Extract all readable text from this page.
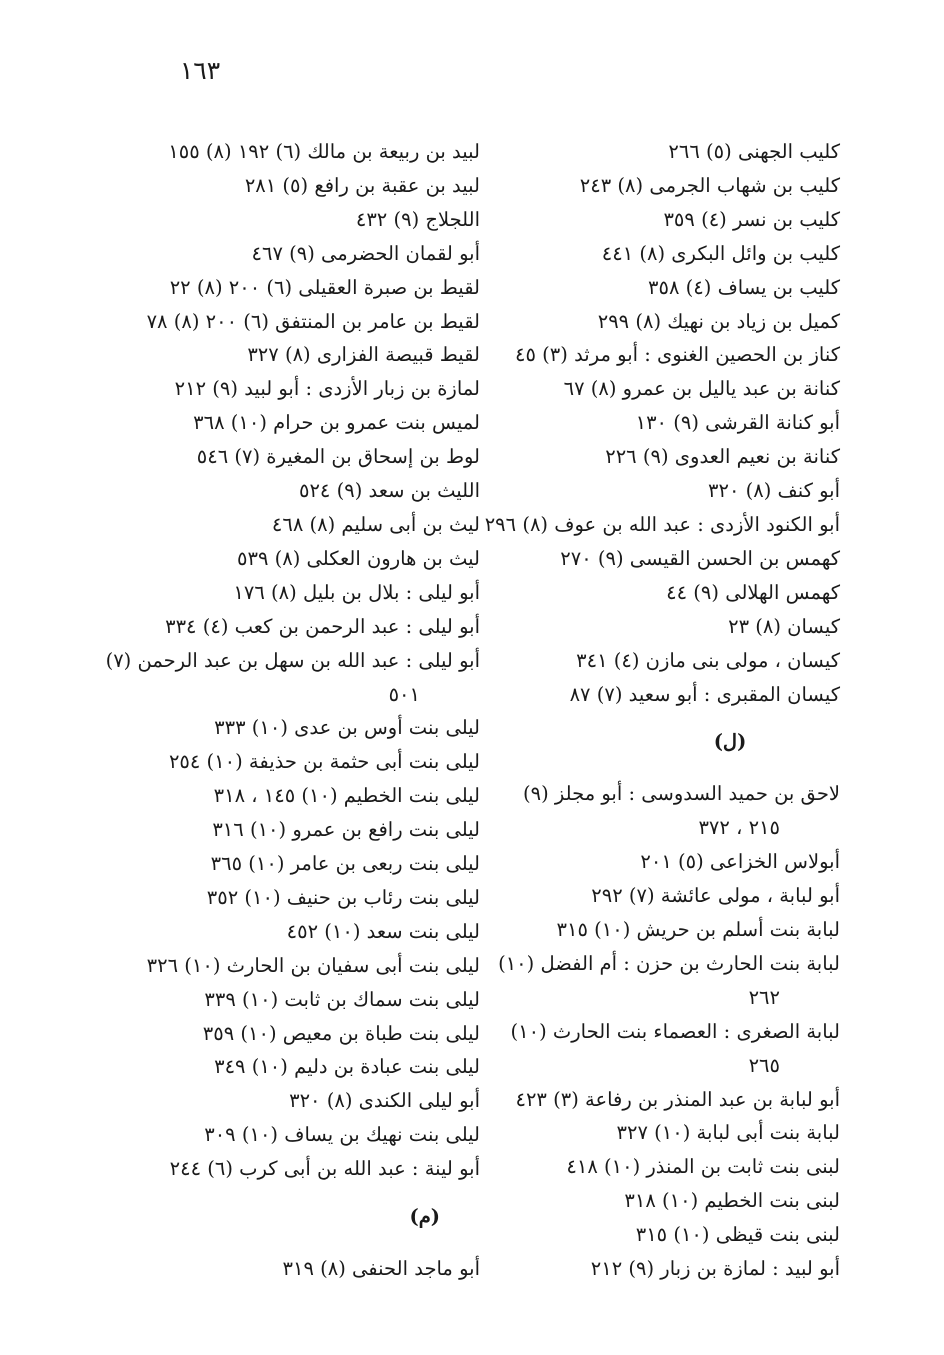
١٦٣
كليب الجهنى (٥) ٢٦٦
كليب بن شهاب الجرمى (٨) ٢٤٣
كليب بن نسر (٤) ٣٥٩
كليب بن وائل البكرى (٨) ٤٤١
كليب بن يساف (٤) ٣٥٨
كميل بن زياد بن نهيك (٨) ٢٩٩
كناز بن الحصين الغنوى : أبو مرثد (٣) ٤٥
كنانة بن عبد ياليل بن عمرو (٨) ٦٧
أبو كنانة القرشى (٩) ١٣٠
كنانة بن نعيم العدوى (٩) ٢٢٦
أبو كنف (٨) ٣٢٠
أبو الكنود الأزدى : عبد الله بن عوف (٨) ٢٩٦
كهمس بن الحسن القيسى (٩) ٢٧٠
كهمس الهلالى (٩) ٤٤
كيسان (٨) ٢٣
كيسان ، مولى بنى مازن (٤) ٣٤١
كيسان المقبرى : أبو سعيد (٧) ٨٧
(ل)
لاحق بن حميد السدوسى : أبو مجلز (٩)
٢١٥ ، ٣٧٢
أبولاس الخزاعى (٥) ٢٠١
أبو لبابة ، مولى عائشة (٧) ٢٩٢
لبابة بنت أسلم بن حريش (١٠) ٣١٥
لبابة بنت الحارث بن حزن : أم الفضل (١٠)
٢٦٢
لبابة الصغرى : العصماء بنت الحارث (١٠)
٢٦٥
أبو لبابة بن عبد المنذر بن رفاعة (٣) ٤٢٣
لبابة بنت أبى لبابة (١٠) ٣٢٧
لبنى بنت ثابت بن المنذر (١٠) ٤١٨
لبنى بنت الخطيم (١٠) ٣١٨
لبنى بنت قيظى (١٠) ٣١٥
أبو لبيد : لمازة بن زبار (٩) ٢١٢
لبيد بن ربيعة بن مالك (٦) ١٩٢ (٨) ١٥٥
لبيد بن عقبة بن رافع (٥) ٢٨١
اللجلاج (٩) ٤٣٢
أبو لقمان الحضرمى (٩) ٤٦٧
لقيط بن صبرة العقيلى (٦) ٢٠٠ (٨) ٢٢
لقيط بن عامر بن المنتفق (٦) ٢٠٠ (٨) ٧٨
لقيط قبيصة الفزارى (٨) ٣٢٧
لمازة بن زبار الأزدى : أبو لبيد (٩) ٢١٢
لميس بنت عمرو بن حرام (١٠) ٣٦٨
لوط بن إسحاق بن المغيرة (٧) ٥٤٦
الليث بن سعد (٩) ٥٢٤
ليث بن أبى سليم (٨) ٤٦٨
ليث بن هارون العكلى (٨) ٥٣٩
أبو ليلى : بلال بن بليل (٨) ١٧٦
أبو ليلى : عبد الرحمن بن كعب (٤) ٣٣٤
أبو ليلى : عبد الله بن سهل بن عبد الرحمن (٧)
٥٠١
ليلى بنت أوس بن عدى (١٠) ٣٣٣
ليلى بنت أبى حثمة بن حذيفة (١٠) ٢٥٤
ليلى بنت الخطيم (١٠) ١٤٥ ، ٣١٨
ليلى بنت رافع بن عمرو (١٠) ٣١٦
ليلى بنت ربعى بن عامر (١٠) ٣٦٥
ليلى بنت رئاب بن حنيف (١٠) ٣٥٢
ليلى بنت سعد (١٠) ٤٥٢
ليلى بنت أبى سفيان بن الحارث (١٠) ٣٢٦
ليلى بنت سماك بن ثابت (١٠) ٣٣٩
ليلى بنت طباة بن معيص (١٠) ٣٥٩
ليلى بنت عبادة بن دليم (١٠) ٣٤٩
أبو ليلى الكندى (٨) ٣٢٠
ليلى بنت نهيك بن يساف (١٠) ٣٠٩
أبو لينة : عبد الله بن أبى كرب (٦) ٢٤٤
(م)
أبو ماجد الحنفى (٨) ٣١٩
